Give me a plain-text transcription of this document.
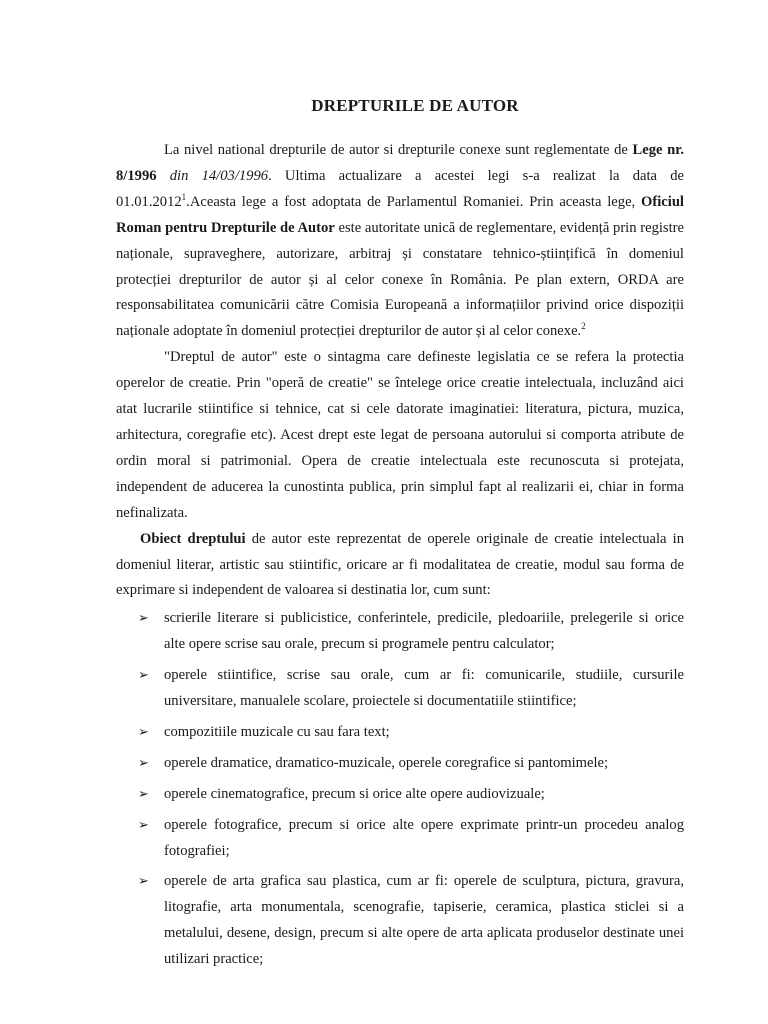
DREPTURILE DE AUTOR

La nivel national drepturile de autor si drepturile conexe sunt reglementate de Lege nr. 8/1996 din 14/03/1996. Ultima actualizare a acestei legi s-a realizat la data de 01.01.2012$^1$.Aceasta lege a fost adoptata de Parlamentul Romaniei. Prin aceasta lege, Oficiul Roman pentru Drepturile de Autor este autoritate unică de reglementare, evidență prin registre naționale, supraveghere, autorizare, arbitraj și constatare tehnico-științifică în domeniul protecției drepturilor de autor și al celor conexe în România. Pe plan extern, ORDA are responsabilitatea comunicării către Comisia Europeană a informațiilor privind orice dispoziții naționale adoptate în domeniul protecției drepturilor de autor și al celor conexe.$^2$

"Dreptul de autor" este o sintagma care defineste legislatia ce se refera la protectia operelor de creatie. Prin "operă de creatie" se întelege orice creatie intelectuala, incluzând aici atat lucrarile stiintifice si tehnice, cat si cele datorate imaginatiei: literatura, pictura, muzica, arhitectura, coregrafie etc). Acest drept este legat de persoana autorului si comporta atribute de ordin moral si patrimonial. Opera de creatie intelectuala este recunoscuta si protejata, independent de aducerea la cunostinta publica, prin simplul fapt al realizarii ei, chiar in forma nefinalizata.

Obiect dreptului de autor este reprezentat de operele originale de creatie intelectuala in domeniul literar, artistic sau stiintific, oricare ar fi modalitatea de creatie, modul sau forma de exprimare si independent de valoarea si destinatia lor, cum sunt:

➢	scrierile literare si publicistice, conferintele, predicile, pledoariile, prelegerile si orice alte opere scrise sau orale, precum si programele pentru calculator;
➢	operele stiintifice, scrise sau orale, cum ar fi: comunicarile, studiile, cursurile universitare, manualele scolare, proiectele si documentatiile stiintifice;
➢	compozitiile muzicale cu sau fara text;
➢	operele dramatice, dramatico-muzicale, operele coregrafice si pantomimele;
➢	operele cinematografice, precum si orice alte opere audiovizuale;
➢	operele fotografice, precum si orice alte opere exprimate printr-un procedeu analog fotografiei;
➢	operele de arta grafica sau plastica, cum ar fi: operele de sculptura, pictura, gravura, litografie, arta monumentala, scenografie, tapiserie, ceramica, plastica sticlei si a metalului, desene, design, precum si alte opere de arta aplicata produselor destinate unei utilizari practice;
